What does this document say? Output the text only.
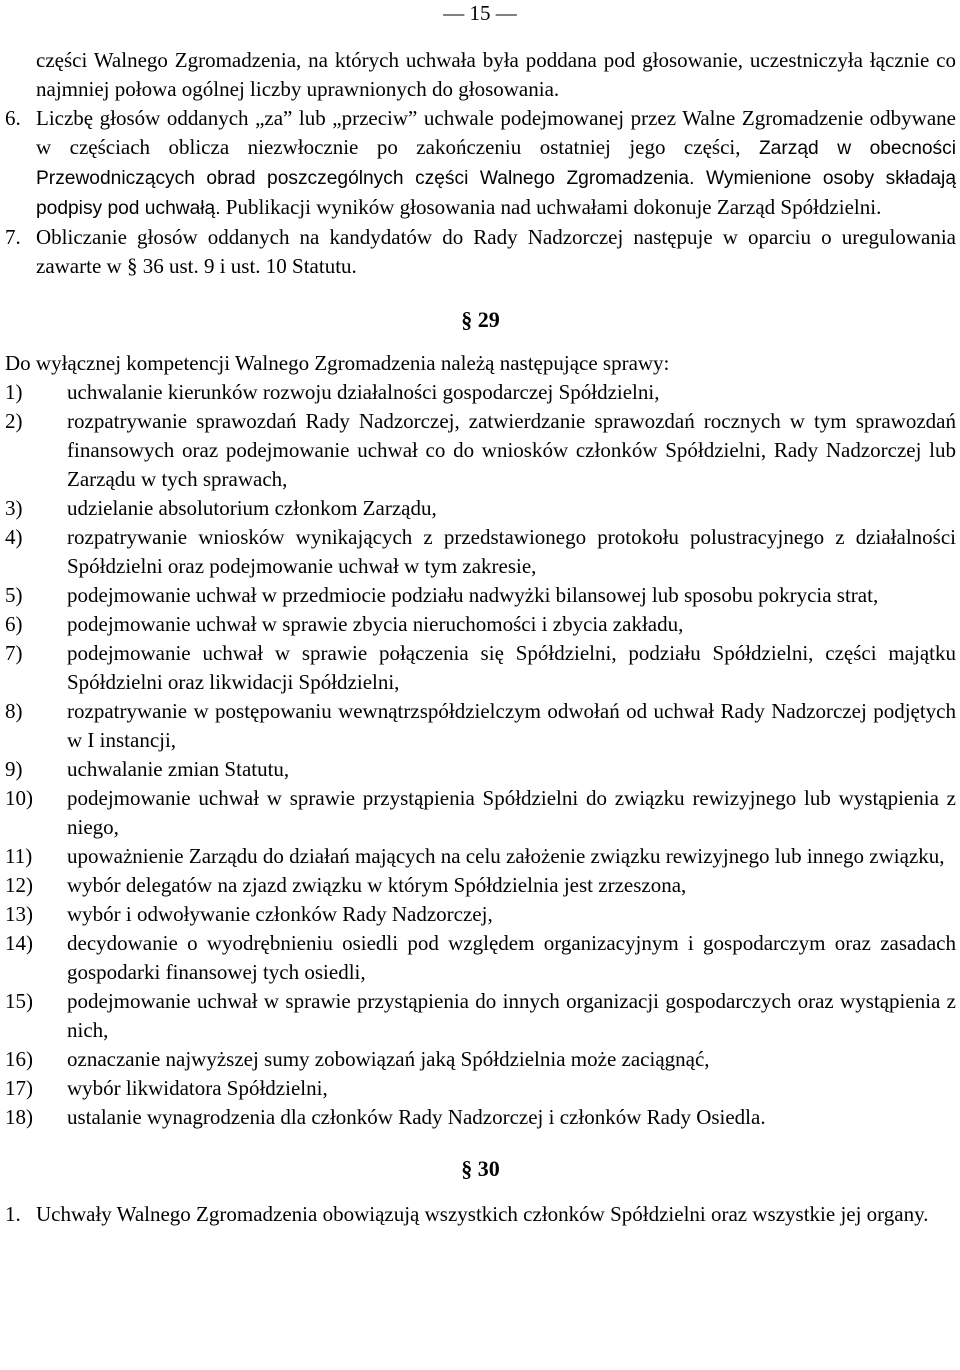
— 15 —

części Walnego Zgromadzenia, na których uchwała była poddana pod głosowanie, uczestniczyła łącznie co najmniej połowa ogólnej liczby uprawnionych do głosowania.

6. Liczbę głosów oddanych „za” lub „przeciw” uchwale podejmowanej przez Walne Zgromadzenie odbywane w częściach oblicza niezwłocznie po zakończeniu ostatniej jego części, Zarząd w obecności Przewodniczących obrad poszczególnych części Walnego Zgromadzenia. Wymienione osoby składają podpisy pod uchwałą. Publikacji wyników głosowania nad uchwałami dokonuje Zarząd Spółdzielni.
7. Obliczanie głosów oddanych na kandydatów do Rady Nadzorczej następuje w oparciu o uregulowania zawarte w § 36 ust. 9 i ust. 10 Statutu.
§ 29

Do wyłącznej kompetencji Walnego Zgromadzenia należą następujące sprawy:

1)	uchwalanie kierunków rozwoju działalności gospodarczej Spółdzielni,
2)	rozpatrywanie sprawozdań Rady Nadzorczej, zatwierdzanie sprawozdań rocznych w tym sprawozdań finansowych oraz podejmowanie uchwał co do wniosków członków Spółdzielni, Rady Nadzorczej lub Zarządu w tych sprawach,
3)	udzielanie absolutorium członkom Zarządu,
4)	rozpatrywanie wniosków wynikających z przedstawionego protokołu polustracyjnego z działalności Spółdzielni oraz podejmowanie uchwał w tym zakresie,
5)	podejmowanie uchwał w przedmiocie podziału nadwyżki bilansowej lub sposobu pokrycia strat,
6)	podejmowanie uchwał w sprawie zbycia nieruchomości i zbycia zakładu,
7)	podejmowanie uchwał w sprawie połączenia się Spółdzielni, podziału Spółdzielni, części majątku Spółdzielni oraz likwidacji Spółdzielni,
8)	rozpatrywanie w postępowaniu wewnątrzspółdzielczym odwołań od uchwał Rady Nadzorczej podjętych w I instancji,
9)	uchwalanie zmian Statutu,
10)	podejmowanie uchwał w sprawie przystąpienia Spółdzielni do związku rewizyjnego lub wystąpienia z niego,
11)	upoważnienie Zarządu do działań mających na celu założenie związku rewizyjnego lub innego związku,
12)	wybór delegatów na zjazd związku w którym Spółdzielnia jest zrzeszona,
13)	wybór i odwoływanie członków Rady Nadzorczej,
14)	decydowanie o wyodrębnieniu osiedli pod względem organizacyjnym i gospodarczym oraz zasadach gospodarki finansowej tych osiedli,
15)	podejmowanie uchwał w sprawie przystąpienia do innych organizacji gospodarczych oraz wystąpienia z nich,
16)	oznaczanie najwyższej sumy zobowiązań jaką Spółdzielnia może zaciągnąć,
17)	wybór likwidatora Spółdzielni,
18)	ustalanie wynagrodzenia dla członków Rady Nadzorczej i członków Rady Osiedla.
§ 30
1. Uchwały Walnego Zgromadzenia obowiązują wszystkich członków Spółdzielni oraz wszystkie jej organy.
